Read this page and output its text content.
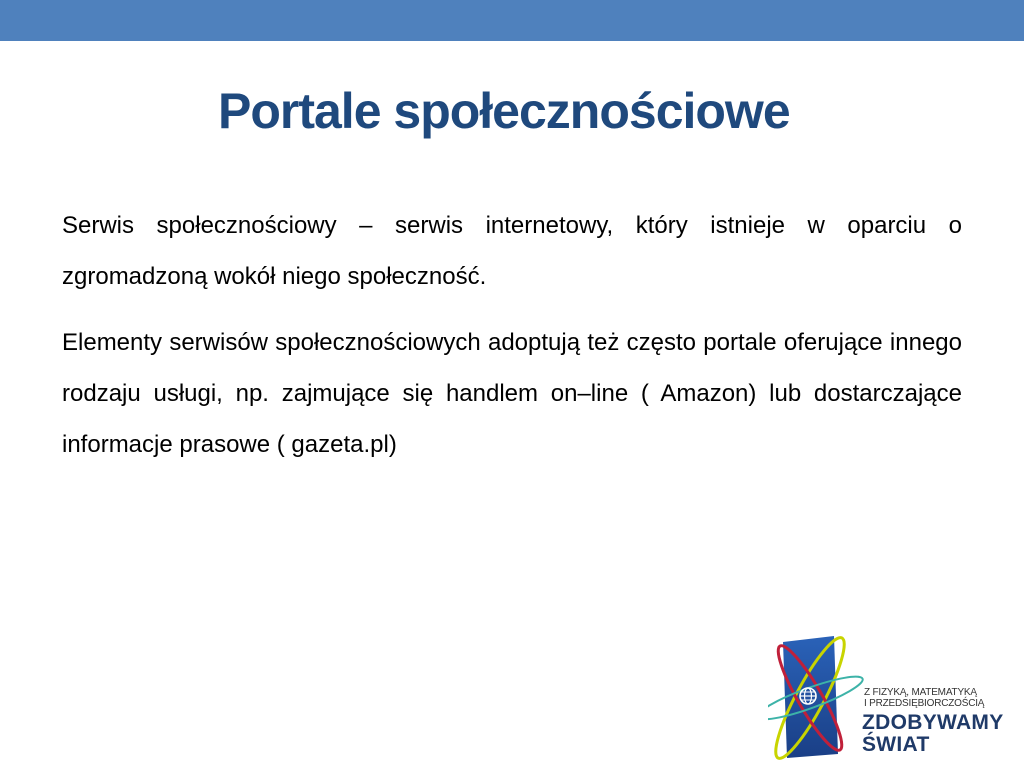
Portale społecznościowe

Serwis społecznościowy – serwis internetowy, który istnieje w oparciu o zgromadzoną wokół niego społeczność.

Elementy serwisów społecznościowych adoptują też często portale oferujące innego rodzaju usługi, np. zajmujące się handlem on–line ( Amazon) lub dostarczające informacje prasowe ( gazeta.pl)

Z FIZYKĄ, MATEMATYKĄ
I PRZEDSIĘBIORCZOŚCIĄ
ZDOBYWAMY
ŚWIAT
